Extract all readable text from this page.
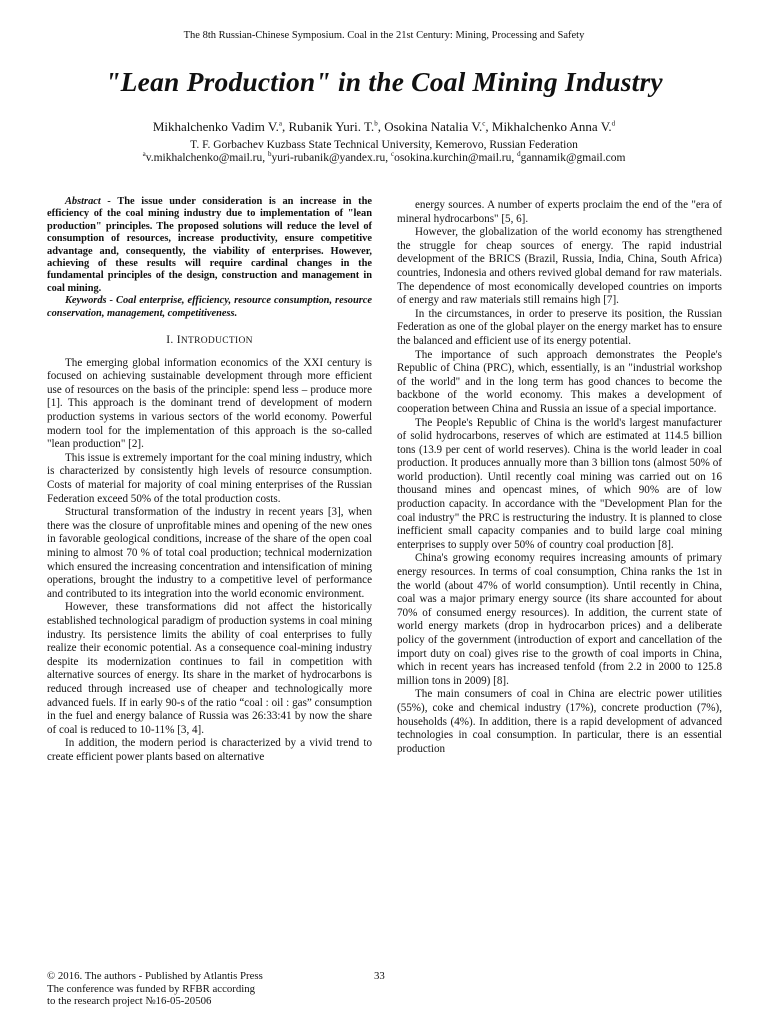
The 8th Russian-Chinese Symposium. Coal in the 21st Century: Mining, Processing and Safety
"Lean Production" in the Coal Mining Industry
Mikhalchenko Vadim V.$^a$, Rubanik Yuri. T.$^b$, Osokina Natalia V.$^c$, Mikhalchenko Anna V.$^d$
T. F. Gorbachev Kuzbass State Technical University, Kemerovo, Russian Federation
$^a$v.mikhalchenko@mail.ru, $^b$yuri-rubanik@yandex.ru, $^c$osokina.kurchin@mail.ru, $^d$gannamik@gmail.com

Abstract - The issue under consideration is an increase in the efficiency of the coal mining industry due to implementation of "lean production" principles. The proposed solutions will reduce the level of consumption of resources, increase productivity, ensure competitive advantage and, consequently, the viability of enterprises. However, achieving of these results will require cardinal changes in the fundamental principles of the design, construction and management in coal mining.

Keywords - Coal enterprise, efficiency, resource consumption, resource conservation, management, competitiveness.

I. INTRODUCTION

The emerging global information economics of the XXI century is focused on achieving sustainable development through more efficient use of resources on the basis of the principle: spend less – produce more [1]. This approach is the dominant trend of development of modern production systems in various sectors of the world economy. Powerful modern tool for the implementation of this approach is the so-called "lean production" [2].

This issue is extremely important for the coal mining industry, which is characterized by consistently high levels of resource consumption. Costs of material for majority of coal mining enterprises of the Russian Federation exceed 50% of the total production costs.

Structural transformation of the industry in recent years [3], when there was the closure of unprofitable mines and opening of the new ones in favorable geological conditions, increase of the share of the open coal mining to almost 70 % of total coal production; technical modernization which ensured the increasing concentration and intensification of mining operations, brought the industry to a competitive level of performance and contributed to its integration into the world economic environment.

However, these transformations did not affect the historically established technological paradigm of production systems in coal mining industry. Its persistence limits the ability of coal enterprises to fully realize their economic potential. As a consequence coal-mining industry despite its modernization continues to fail in competition with alternative sources of energy. Its share in the market of hydrocarbons is reduced through increased use of cheaper and technologically more advanced fuels. If in early 90-s of the ratio “coal : oil : gas” consumption in the fuel and energy balance of Russia was 26:33:41 by now the share of coal is reduced to 10-11% [3, 4].

In addition, the modern period is characterized by a vivid trend to create efficient power plants based on alternative

energy sources. A number of experts proclaim the end of the "era of mineral hydrocarbons" [5, 6].

However, the globalization of the world economy has strengthened the struggle for cheap sources of energy. The rapid industrial development of the BRICS (Brazil, Russia, India, China, South Africa) countries, Indonesia and others revived global demand for raw materials. The dependence of most economically developed countries on imports of energy and raw materials still remains high [7].

In the circumstances, in order to preserve its position, the Russian Federation as one of the global player on the energy market has to ensure the balanced and efficient use of its energy potential.

The importance of such approach demonstrates the People's Republic of China (PRC), which, essentially, is an "industrial workshop of the world" and in the long term has good chances to become the backbone of the world economy. This makes a development of cooperation between China and Russia an issue of a special importance.

The People's Republic of China is the world's largest manufacturer of solid hydrocarbons, reserves of which are estimated at 114.5 billion tons (13.9 per cent of world reserves). China is the world leader in coal production. It produces annually more than 3 billion tons (almost 50% of world production). Until recently coal mining was carried out on 16 thousand mines and opencast mines, of which 90% are of low production capacity. In accordance with the "Development Plan for the coal industry" the PRC is restructuring the industry. It is planned to close inefficient small capacity companies and to build large coal mining enterprises to supply over 50% of country coal production [8].

China's growing economy requires increasing amounts of primary energy resources. In terms of coal consumption, China ranks the 1st in the world (about 47% of world consumption). Until recently in China, coal was a major primary energy source (its share accounted for about 70% of consumed energy resources). In addition, the current state of world energy markets (drop in hydrocarbon prices) and a deliberate policy of the government (introduction of export and cancellation of the import duty on coal) gives rise to the growth of coal imports in China, which in recent years has increased tenfold (from 2.2 in 2000 to 125.8 million tons in 2009) [8].

The main consumers of coal in China are electric power utilities (55%), coke and chemical industry (17%), concrete production (7%), households (4%). In addition, there is a rapid development of advanced technologies in coal consumption. In particular, there is an essential production

© 2016. The authors - Published by Atlantis Press
The conference was funded by RFBR according
to the research project №16-05-20506
33
